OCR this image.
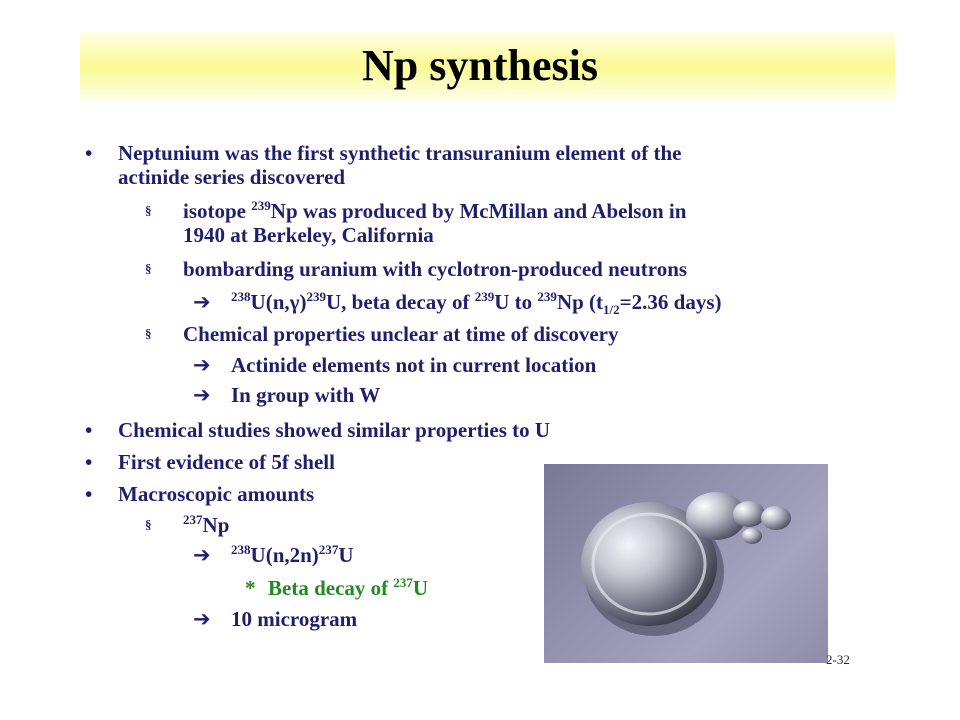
Np synthesis
• Neptunium was the first synthetic transuranium element of the
actinide series discovered
§ isotope $^{239}$Np was produced by McMillan and Abelson in
1940 at Berkeley, California
§ bombarding uranium with cyclotron-produced neutrons
➔ $^{238}U(n,\gamma)^{239}U$, beta decay of $^{239}$U to $^{239}$Np ($t_{1/2}=2.36$ days)
§ Chemical properties unclear at time of discovery
➔ Actinide elements not in current location
➔ In group with W
• Chemical studies showed similar properties to U
• First evidence of 5f shell
• Macroscopic amounts
§ $^{237}$Np
➔ $^{238}U(n,2n)^{237}U$
* Beta decay of $^{237}$U
➔ 10 microgram
2-32
